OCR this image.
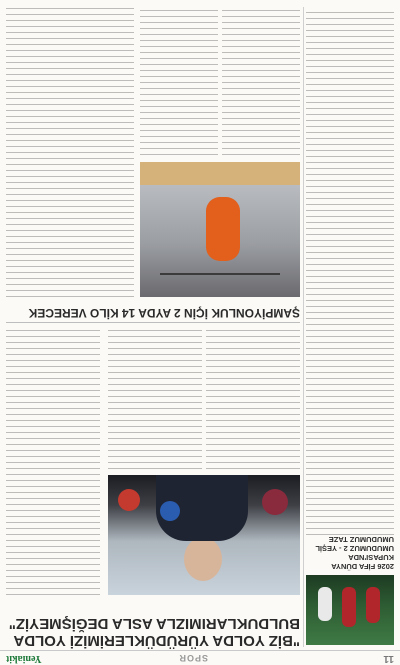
11
SPOR
Yeniakit
"BİZ YOLDA YÜRÜDÜKLERİMİZİ YOLDA BULDUKLARIMIZLA ASLA DEĞİŞMEYİZ"
2026 FİFA DÜNYA KUPASI'NDA UMUDUMUZ 2 - YEŞİL UMUDUMUZ TAZE
ŞAMPİYONLUK İÇİN 2 AYDA 14 KİLO VERECEK
